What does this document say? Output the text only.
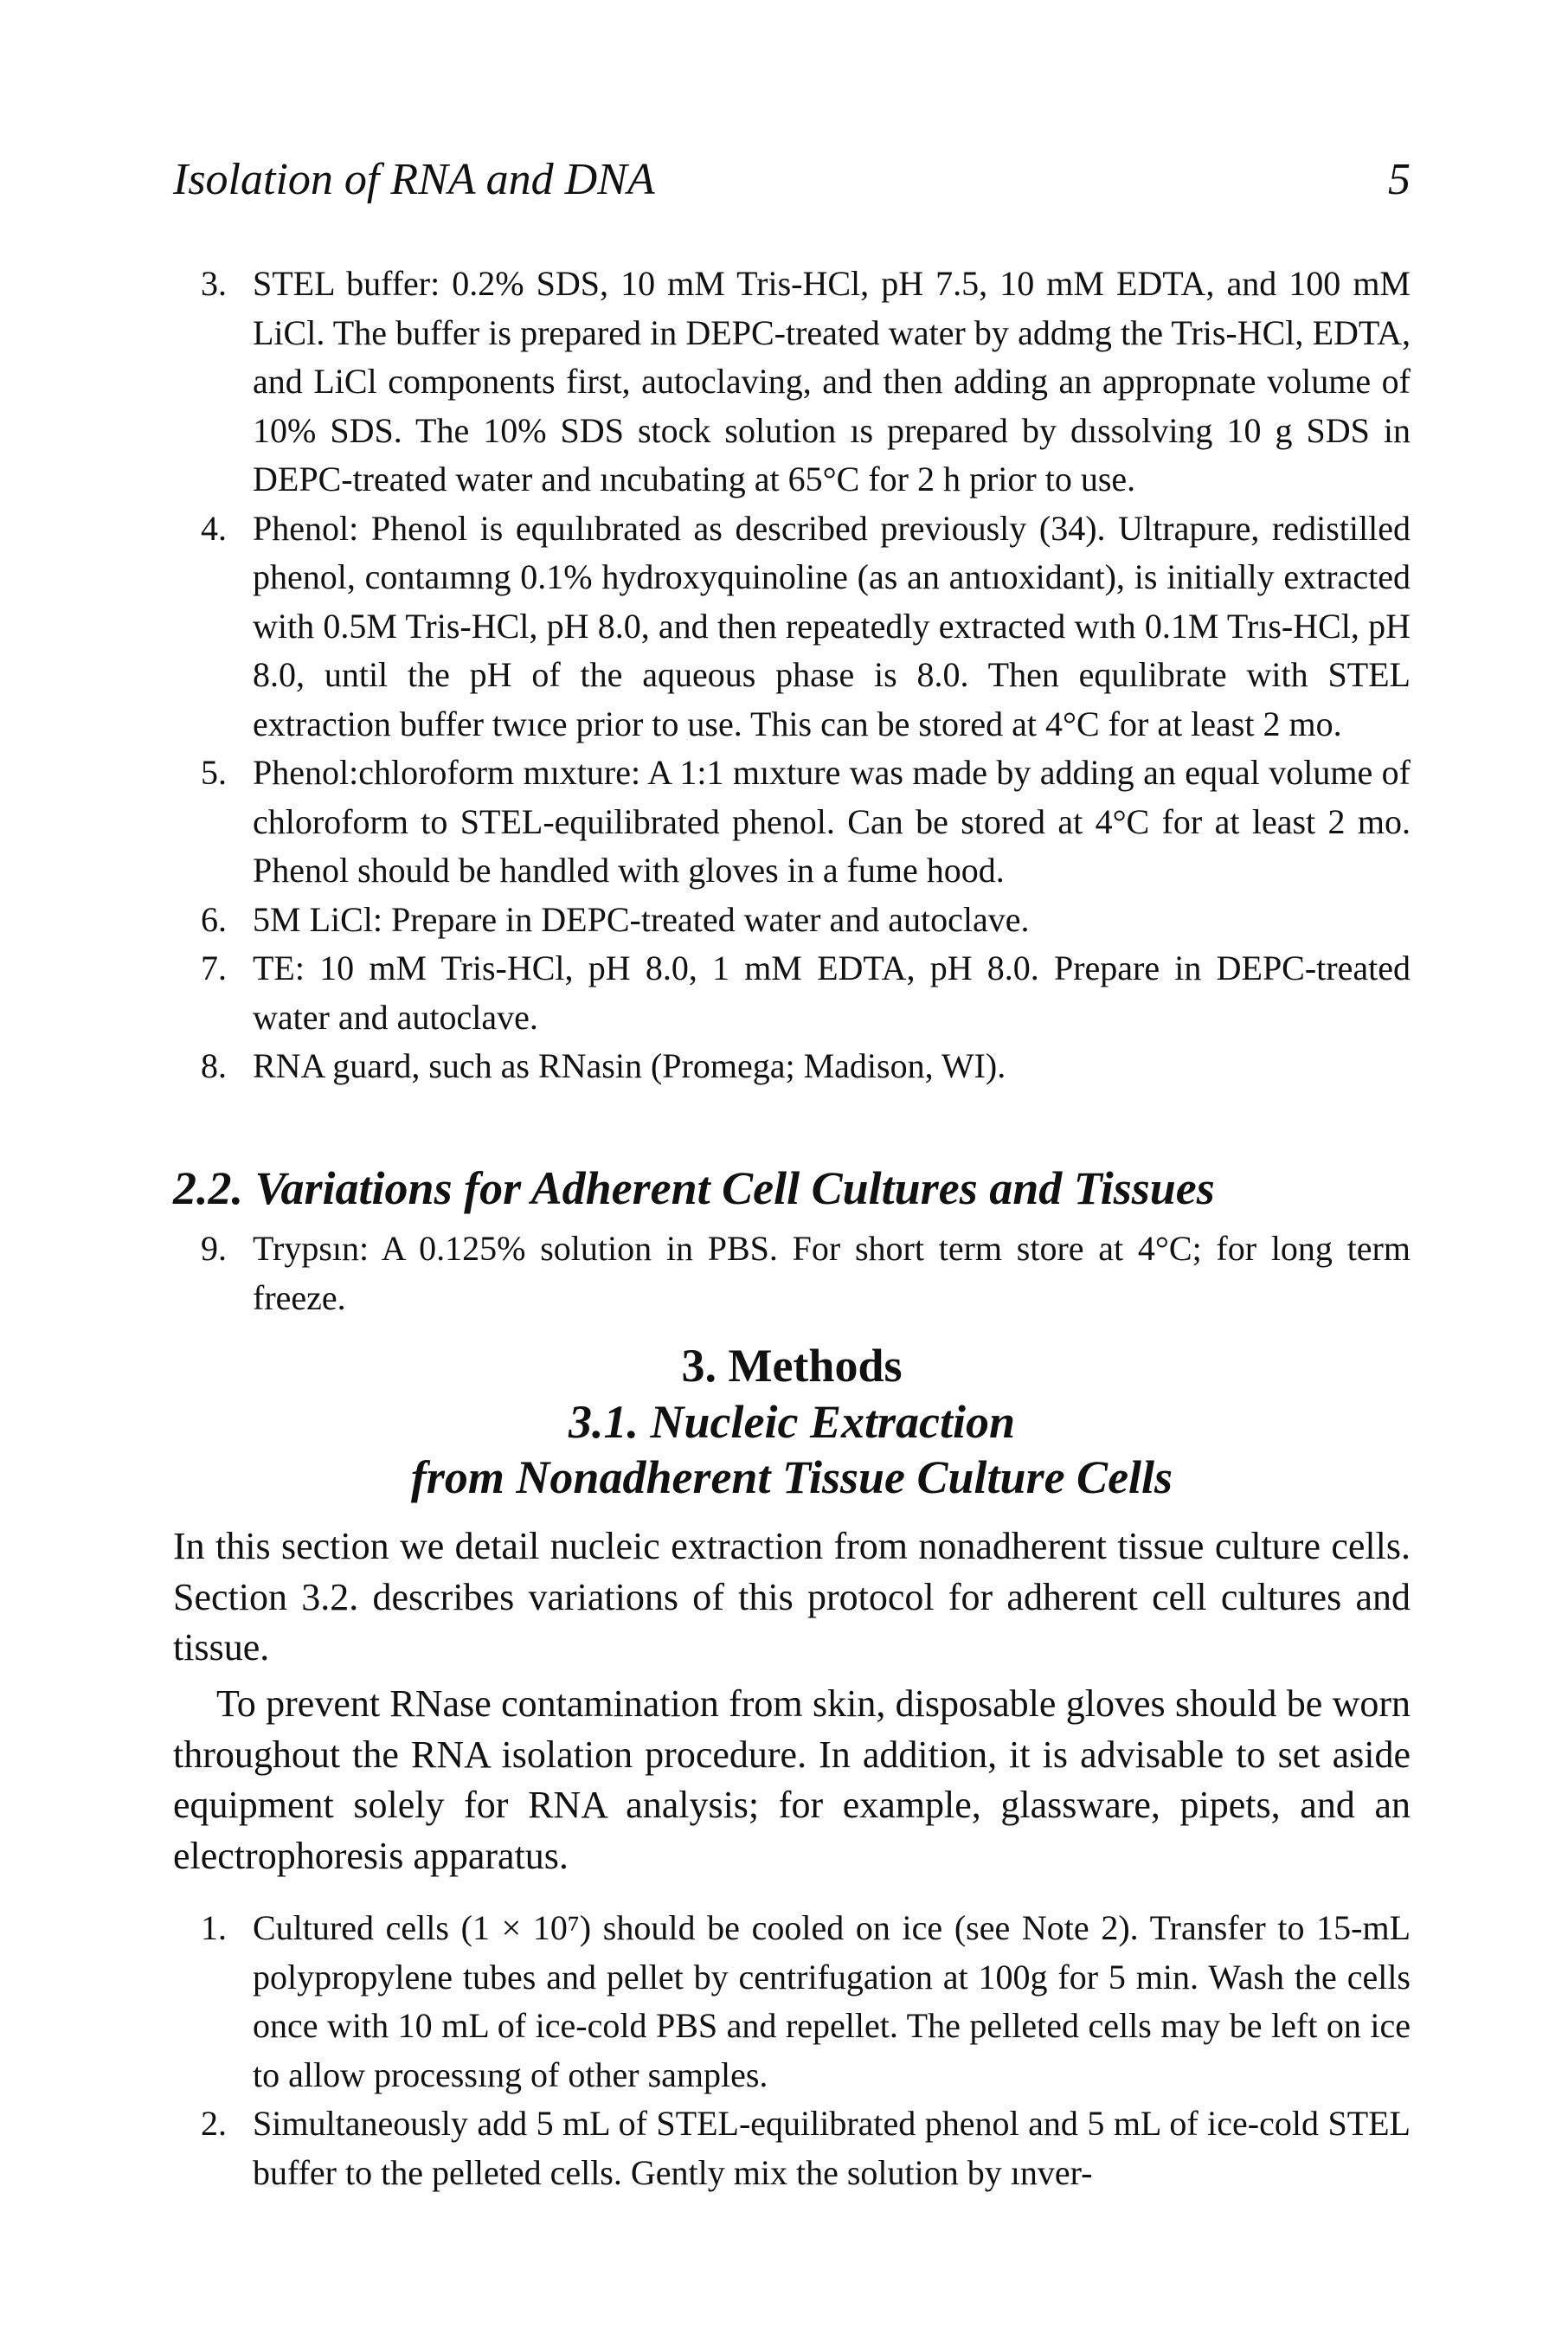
Isolation of RNA and DNA	5
3. STEL buffer: 0.2% SDS, 10 mM Tris-HCl, pH 7.5, 10 mM EDTA, and 100 mM LiCl. The buffer is prepared in DEPC-treated water by addmg the Tris-HCl, EDTA, and LiCl components first, autoclaving, and then adding an appropnate volume of 10% SDS. The 10% SDS stock solution ıs prepared by dıssolving 10 g SDS in DEPC-treated water and ıncubating at 65°C for 2 h prior to use.
4. Phenol: Phenol is equılıbrated as described previously (34). Ultrapure, redistilled phenol, contaımng 0.1% hydroxyquinoline (as an antıoxidant), is initially extracted with 0.5M Tris-HCl, pH 8.0, and then repeatedly extracted wıth 0.1M Trıs-HCl, pH 8.0, until the pH of the aqueous phase is 8.0. Then equılibrate with STEL extraction buffer twıce prior to use. This can be stored at 4°C for at least 2 mo.
5. Phenol:chloroform mıxture: A 1:1 mıxture was made by adding an equal volume of chloroform to STEL-equilibrated phenol. Can be stored at 4°C for at least 2 mo. Phenol should be handled with gloves in a fume hood.
6. 5M LiCl: Prepare in DEPC-treated water and autoclave.
7. TE: 10 mM Tris-HCl, pH 8.0, 1 mM EDTA, pH 8.0. Prepare in DEPC-treated water and autoclave.
8. RNA guard, such as RNasin (Promega; Madison, WI).
2.2. Variations for Adherent Cell Cultures and Tissues
9. Trypsın: A 0.125% solution in PBS. For short term store at 4°C; for long term freeze.
3. Methods
3.1. Nucleic Extraction
from Nonadherent Tissue Culture Cells
In this section we detail nucleic extraction from nonadherent tissue culture cells. Section 3.2. describes variations of this protocol for adherent cell cultures and tissue.
To prevent RNase contamination from skin, disposable gloves should be worn throughout the RNA isolation procedure. In addition, it is advisable to set aside equipment solely for RNA analysis; for example, glassware, pipets, and an electrophoresis apparatus.
1. Cultured cells (1 × 10⁷) should be cooled on ice (see Note 2). Transfer to 15-mL polypropylene tubes and pellet by centrifugation at 100g for 5 min. Wash the cells once with 10 mL of ice-cold PBS and repellet. The pelleted cells may be left on ice to allow processıng of other samples.
2. Simultaneously add 5 mL of STEL-equilibrated phenol and 5 mL of ice-cold STEL buffer to the pelleted cells. Gently mix the solution by ınver-
